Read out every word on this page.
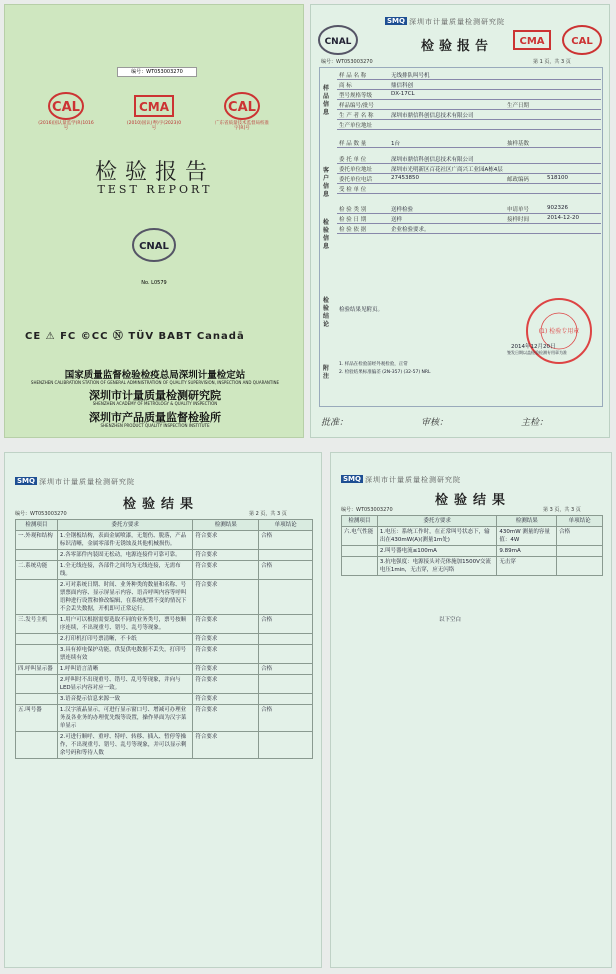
编号：WT053003270
CAL
(2016)国认量监学(R)1016号
CMA
(2010)国认(粤)字(2023)0号
CAL
广东省质量技术监督局校准字[R]号
检验报告
TEST REPORT
CNAL
No. L0579
CE ⚠ FC ©CC Ⓝ TÜV BABT Canadā
国家质量监督检验检疫总局深圳计量检定站
SHENZHEN CALIBRATION STATION OF GENERAL ADMINISTRATION OF QUALITY SUPERVISION, INSPECTION AND QUARANTINE
深圳市计量质量检测研究院
SHENZHEN ACADEMY OF METROLOGY & QUALITY INSPECTION
深圳市产品质量监督检验所
SHENZHEN PRODUCT QUALITY INSPECTION INSTITUTE
SMQ 深圳市计量质量检测研究院
CNAL	CMA	CAL
检验报告
编号：WT053003270	第 1 页，共 3 页
样品信息
客户信息
检验信息
检验结论
附注
检验结果见附页。
(1) 检验专用章
2014年12月20日
签发日期以盖检验检测专用章为准
1. 样品在检验前经外观检验，正常
2. 检验结果标准偏差 (2N-357) (32-57) NRL
批准：	审核：	主检：
样 品 名 称	无线排队叫号机
商 标	鼎信科创
型号规格等级	DX-17CL
样品编号/批号	生产日期
生 产 者 名 称	深圳市鼎信科创信息技术有限公司
生产单位地址
样 品 数 量	1台	抽样基数
委 托 单 位	深圳市鼎信科创信息技术有限公司
委托单位地址	深圳市光明新区百花社区广商兴工业园A栋4层
委托单位电话	27453850	邮政编码	518100
受 检 单 位
检 验 类 别	送样检验	申请单号	902326
检 验 日 期	送样	接样时间	2014-12-20
检 验 依 据	企业检验要求。
SMQ 深圳市计量质量检测研究院
检验结果
编号：WT053003270	第 2 页，共 3 页
检测项目	委托方要求	检测结果	单项结论
一.外观和结构	1.全钢板结构，表面金属喷漆，无划伤、脱落，产品标识清晰，金属零部件无锈蚀及其他机械损伤。	符合要求	合格
	2.各零部件内装固无松动，电源连接件可靠可靠。	符合要求	
二.系统功能	1.全无线连接，各部件之间均为无线连接，无需布线。	符合要求	合格
	2.可对系统日期、时间、业务种类的数量和名称、号票票面内容、显示屏显示内容、语音呼叫内容等呼叫语种进行设置和修改编辑，在系统配置不变的情况下不会丢失数据，开机即可正常运行。	符合要求	
三.发号主机	1.用户可以根据需要选取不同的业务类号，票号按顺序连续，不出现重号、错号、乱号等现象。	符合要求	合格
	2.打印机打印号票清晰，不卡纸	符合要求	
	3.具有掉电保护功能，供复供电数据不丢失，打印号票连续有效	符合要求	
四.呼叫显示器	1.呼叫语言清晰	符合要求	合格
	2.呼叫时不出现重号、错号、乱号等现象，并向与LED显示内容对应一致。	符合要求	
	3.语音提示信息来源一致	符合要求	
五.叫号器	1.汉字液晶显示，可进行显示窗口号、增减可办理业务及各业务的办理优先级等设置，操作界面为汉字菜单显示	符合要求	合格
	2.可进行顺呼、重呼、特呼、转移、插入、暂停等操作，不出现重号、错号、乱号等现象，并可以显示剩余号码和等待人数	符合要求	
SMQ 深圳市计量质量检测研究院
检验结果
编号：WT053003270	第 3 页，共 3 页
检测项目	委托方要求	检测结果	单项结论
六.电气性能	1.电压：系统工作时，在正常叫号状态下，输出在430mW(A)(测量1m处)	430mW 测量的容量值：4W	合格
	2.叫号器电流≤100mA	9.89mA	
	3.抗电强度：电源接头对壳体施加1500V交流电压1min，无击穿，应无闪络	无击穿	
以下空白
